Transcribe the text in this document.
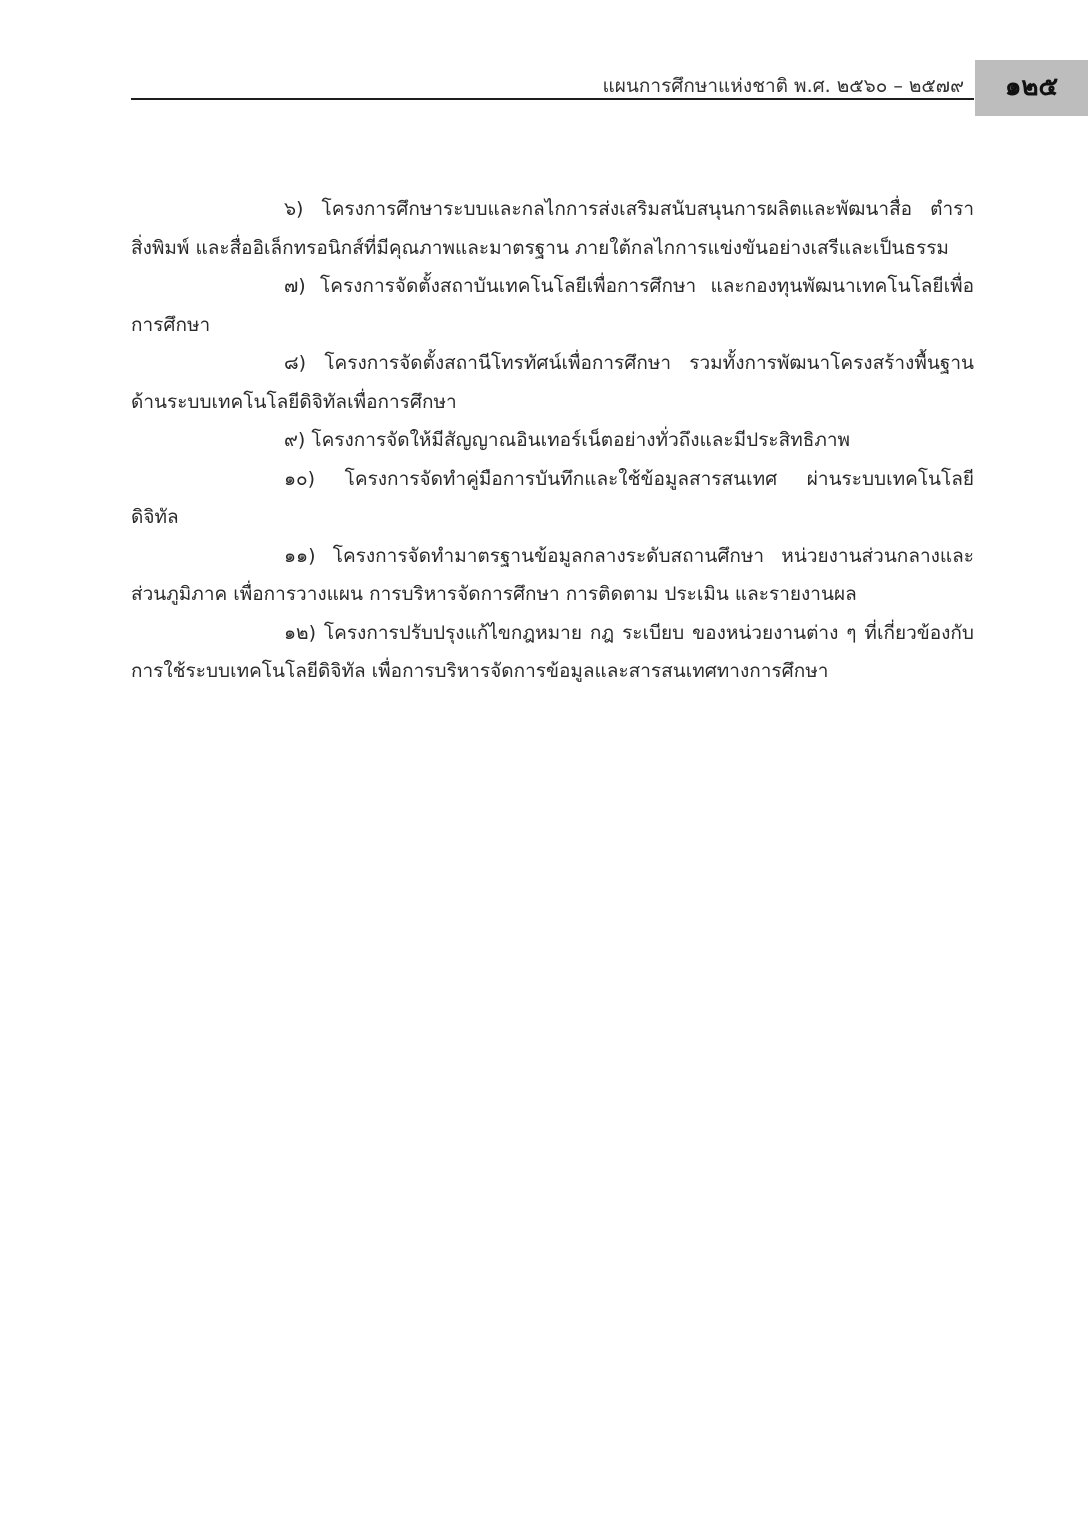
แผนการศึกษาแห่งชาติ พ.ศ. ๒๕๖๐ – ๒๕๗๙	๑๒๕

๖) โครงการศึกษาระบบและกลไกการส่งเสริมสนับสนุนการผลิตและพัฒนาสื่อ ตำรา สิ่งพิมพ์ และสื่ออิเล็กทรอนิกส์ที่มีคุณภาพและมาตรฐาน ภายใต้กลไกการแข่งขันอย่างเสรีและเป็นธรรม

๗) โครงการจัดตั้งสถาบันเทคโนโลยีเพื่อการศึกษา และกองทุนพัฒนาเทคโนโลยีเพื่อการศึกษา

๘) โครงการจัดตั้งสถานีโทรทัศน์เพื่อการศึกษา รวมทั้งการพัฒนาโครงสร้างพื้นฐานด้านระบบเทคโนโลยีดิจิทัลเพื่อการศึกษา

๙) โครงการจัดให้มีสัญญาณอินเทอร์เน็ตอย่างทั่วถึงและมีประสิทธิภาพ

๑๐) โครงการจัดทำคู่มือการบันทึกและใช้ข้อมูลสารสนเทศ ผ่านระบบเทคโนโลยีดิจิทัล

๑๑) โครงการจัดทำมาตรฐานข้อมูลกลางระดับสถานศึกษา หน่วยงานส่วนกลางและส่วนภูมิภาค เพื่อการวางแผน การบริหารจัดการศึกษา การติดตาม ประเมิน และรายงานผล

๑๒) โครงการปรับปรุงแก้ไขกฎหมาย กฎ ระเบียบ ของหน่วยงานต่าง ๆ ที่เกี่ยวข้องกับการใช้ระบบเทคโนโลยีดิจิทัล เพื่อการบริหารจัดการข้อมูลและสารสนเทศทางการศึกษา
